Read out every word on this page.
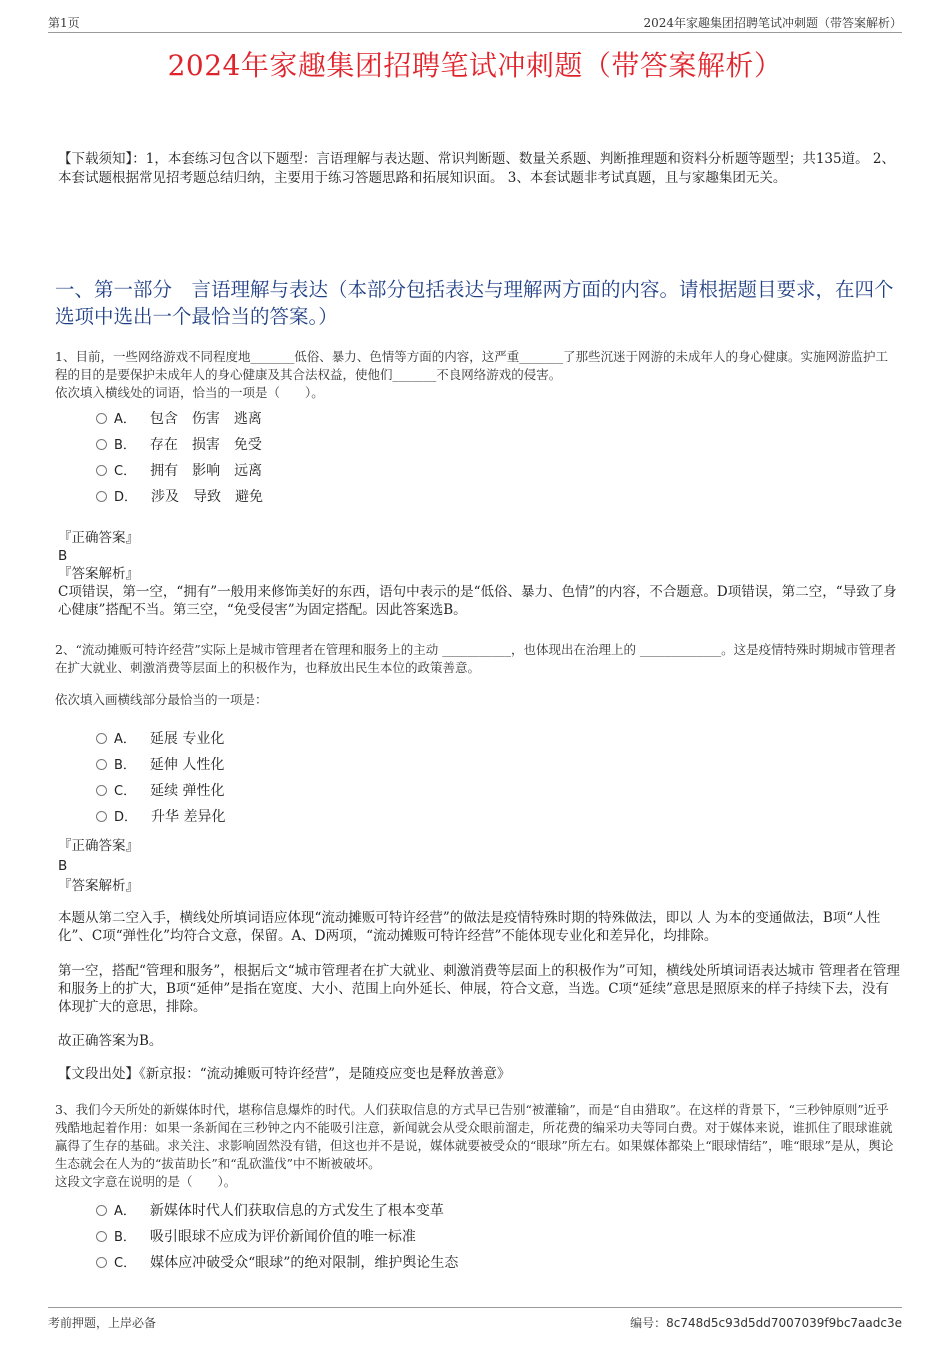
第1页	2024年家趣集团招聘笔试冲刺题（带答案解析）
2024年家趣集团招聘笔试冲刺题（带答案解析）
【下载须知】：1，本套练习包含以下题型：言语理解与表达题、常识判断题、数量关系题、判断推理题和资料分析题等题型；共135道。 2、本套试题根据常见招考题总结归纳，主要用于练习答题思路和拓展知识面。 3、本套试题非考试真题，且与家趣集团无关。
一、第一部分　言语理解与表达（本部分包括表达与理解两方面的内容。请根据题目要求，在四个选项中选出一个最恰当的答案。）
1、目前，一些网络游戏不同程度地_______低俗、暴力、色情等方面的内容，这严重_______了那些沉迷于网游的未成年人的身心健康。实施网游监护工程的目的是要保护未成年人的身心健康及其合法权益，使他们_______不良网络游戏的侵害。
依次填入横线处的词语，恰当的一项是（　　）。
A． 包含　伤害　逃离
B． 存在　损害　免受
C． 拥有　影响　远离
D． 涉及　导致　避免
『正确答案』
B
『答案解析』
C项错误，第一空，“拥有”一般用来修饰美好的东西，语句中表示的是“低俗、暴力、色情”的内容，不合题意。D项错误，第二空，“导致了身心健康”搭配不当。第三空，“免受侵害”为固定搭配。因此答案选B。
2、“流动摊贩可特许经营”实际上是城市管理者在管理和服务上的主动 ___________，也体现出在治理上的 _____________。这是疫情特殊时期城市管理者在扩大就业、刺激消费等层面上的积极作为，也释放出民生本位的政策善意。
依次填入画横线部分最恰当的一项是：
A． 延展 专业化
B． 延伸 人性化
C． 延续 弹性化
D． 升华 差异化
『正确答案』
B
『答案解析』
本题从第二空入手，横线处所填词语应体现“流动摊贩可特许经营”的做法是疫情特殊时期的特殊做法，即以 人 为本的变通做法，B项“人性化”、C项“弹性化”均符合文意，保留。A、D两项，“流动摊贩可特许经营”不能体现专业化和差异化，均排除。
第一空，搭配“管理和服务”，根据后文“城市管理者在扩大就业、刺激消费等层面上的积极作为”可知，横线处所填词语表达城市 管理者在管理和服务上的扩大，B项“延伸”是指在宽度、大小、范围上向外延长、伸展，符合文意，当选。C项“延续”意思是照原来的样子持续下去，没有体现扩大的意思，排除。
故正确答案为B。
【文段出处】《新京报：“流动摊贩可特许经营”，是随疫应变也是释放善意》
3、我们今天所处的新媒体时代，堪称信息爆炸的时代。人们获取信息的方式早已告别“被灌输”，而是“自由猎取”。在这样的背景下，“三秒钟原则”近乎残酷地起着作用：如果一条新闻在三秒钟之内不能吸引注意，新闻就会从受众眼前溜走，所花费的编采功夫等同白费。对于媒体来说，谁抓住了眼球谁就赢得了生存的基础。求关注、求影响固然没有错，但这也并不是说，媒体就要被受众的“眼球”所左右。如果媒体都染上“眼球情结”，唯“眼球”是从，舆论生态就会在人为的“拔苗助长”和“乱砍滥伐”中不断被破坏。
这段文字意在说明的是（　　）。
A． 新媒体时代人们获取信息的方式发生了根本变革
B． 吸引眼球不应成为评价新闻价值的唯一标准
C． 媒体应冲破受众“眼球”的绝对限制，维护舆论生态
考前押题，上岸必备	编号：8c748d5c93d5dd7007039f9bc7aadc3e
